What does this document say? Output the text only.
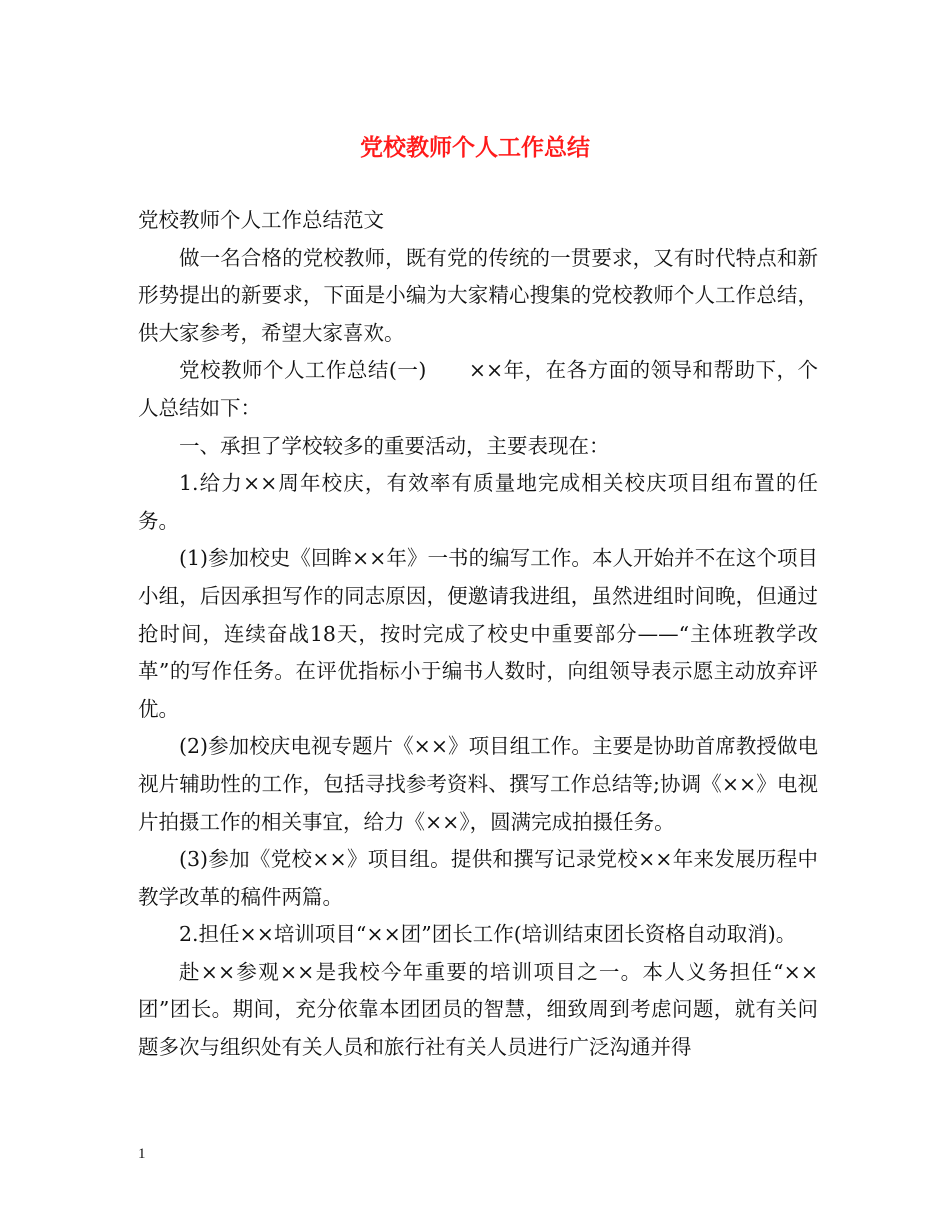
党校教师个人工作总结

党校教师个人工作总结范文

做一名合格的党校教师，既有党的传统的一贯要求，又有时代特点和新形势提出的新要求，下面是小编为大家精心搜集的党校教师个人工作总结，供大家参考，希望大家喜欢。

党校教师个人工作总结(一)　　××年，在各方面的领导和帮助下，个人总结如下：

一、承担了学校较多的重要活动，主要表现在：

1.给力××周年校庆，有效率有质量地完成相关校庆项目组布置的任务。

(1)参加校史《回眸××年》一书的编写工作。本人开始并不在这个项目小组，后因承担写作的同志原因，便邀请我进组，虽然进组时间晚，但通过抢时间，连续奋战18天，按时完成了校史中重要部分——“主体班教学改革”的写作任务。在评优指标小于编书人数时，向组领导表示愿主动放弃评优。

(2)参加校庆电视专题片《××》项目组工作。主要是协助首席教授做电视片辅助性的工作，包括寻找参考资料、撰写工作总结等;协调《××》电视片拍摄工作的相关事宜，给力《××》，圆满完成拍摄任务。

(3)参加《党校××》项目组。提供和撰写记录党校××年来发展历程中教学改革的稿件两篇。

2.担任××培训项目“××团”团长工作(培训结束团长资格自动取消)。

赴××参观××是我校今年重要的培训项目之一。本人义务担任“××团”团长。期间，充分依靠本团团员的智慧，细致周到考虑问题，就有关问题多次与组织处有关人员和旅行社有关人员进行广泛沟通并得

1
